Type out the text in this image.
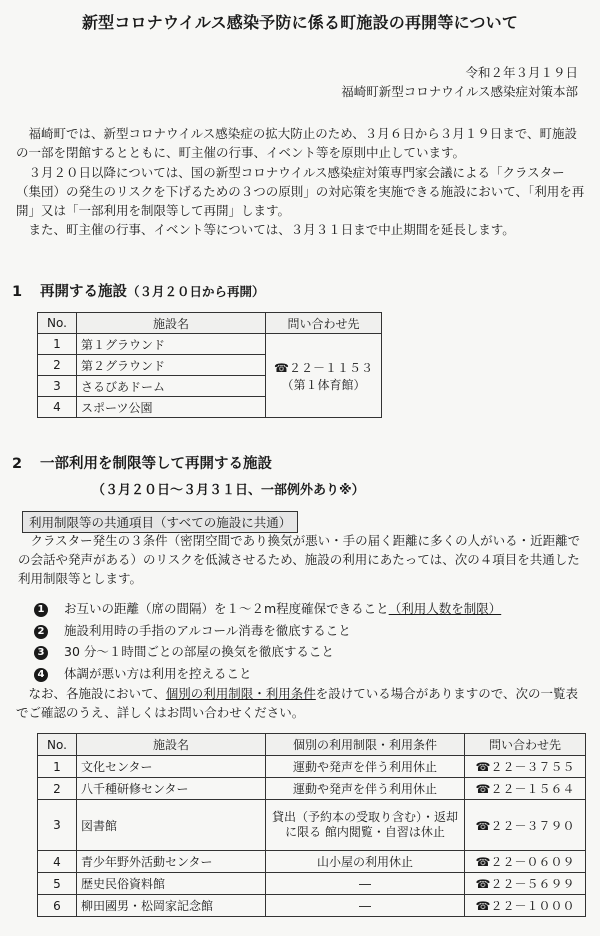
新型コロナウイルス感染予防に係る町施設の再開等について
令和２年３月１９日
福崎町新型コロナウイルス感染症対策本部

福崎町では、新型コロナウイルス感染症の拡大防止のため、３月６日から３月１９日まで、町施設の一部を閉館するとともに、町主催の行事、イベント等を原則中止しています。

３月２０日以降については、国の新型コロナウイルス感染症対策専門家会議による「クラスター（集団）の発生のリスクを下げるための３つの原則」の対応策を実施できる施設において、「利用を再開」又は「一部利用を制限等して再開」します。

また、町主催の行事、イベント等については、３月３１日まで中止期間を延長します。

1 再開する施設（３月２０日から再開）
No.	施設名	問い合わせ先
1	第１グラウンド	☎２２－１１５３
（第１体育館）

2	第２グラウンド	
3	さるびあドーム	
4	スポーツ公園	
2 一部利用を制限等して再開する施設
（３月２０日～３月３１日、一部例外あり※）
利用制限等の共通項目（すべての施設に共通）

クラスター発生の３条件（密閉空間であり換気が悪い・手の届く距離に多くの人がいる・近距離での会話や発声がある）のリスクを低減させるため、施設の利用にあたっては、次の４項目を共通した利用制限等とします。

1 お互いの距離（席の間隔）を１～２m程度確保できること（利用人数を制限）
2 施設利用時の手指のアルコール消毒を徹底すること
3 30 分～１時間ごとの部屋の換気を徹底すること
4 体調が悪い方は利用を控えること

なお、各施設において、個別の利用制限・利用条件を設けている場合がありますので、次の一覧表でご確認のうえ、詳しくはお問い合わせください。

No.	施設名	個別の利用制限・利用条件	問い合わせ先
1	文化センター	運動や発声を伴う利用休止	☎２２－３７５５
2	八千種研修センター	運動や発声を伴う利用休止	☎２２－１５６４
3	図書館	貸出（予約本の受取り含む）・返却に限る 館内閲覧・自習は休止	☎２２－３７９０
4	青少年野外活動センター	山小屋の利用休止	☎２２－０６０９
5	歴史民俗資料館	―	☎２２－５６９９
6	柳田國男・松岡家記念館	―	☎２２－１０００
